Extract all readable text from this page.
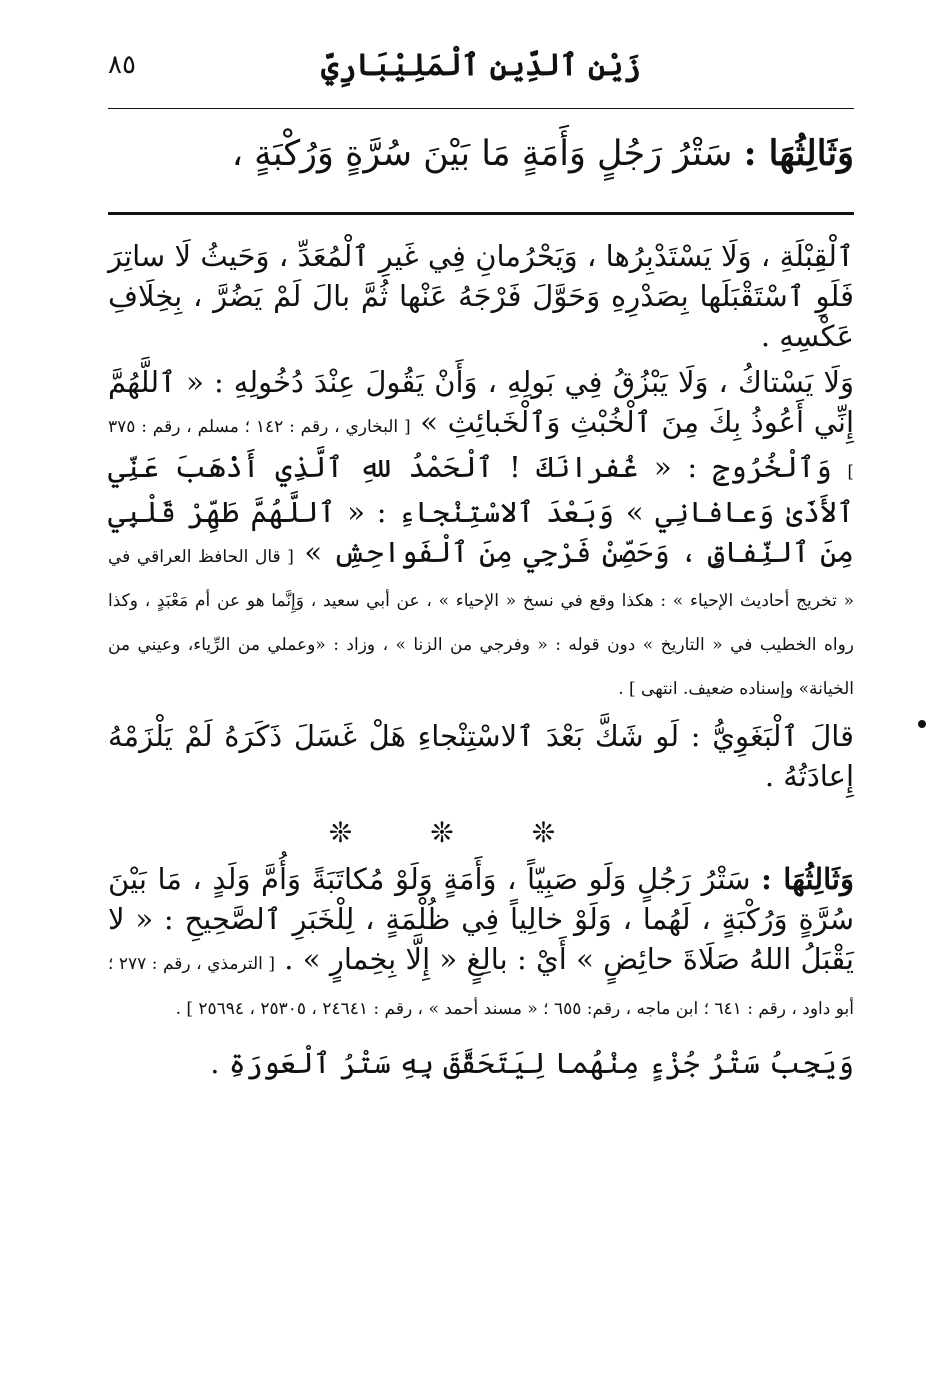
٨٥	زَيْن ٱلدِّينِ ٱلْمَلِيْبَارِيّ
وَثَالِثُهَا : سَتْرُ رَجُلٍ وَأَمَةٍ مَا بَيْنَ سُرَّةٍ وَرُكْبَةٍ ،

ٱلْقِبْلَةِ ، وَلَا يَسْتَدْبِرُها ، وَيَحْرُمانِ فِي غَيرِ ٱلْمُعَدِّ ، وَحَيثُ لَا ساتِرَ فَلَوِ ٱسْتَقْبَلَها بِصَدْرِهِ وَحَوَّلَ فَرْجَهُ عَنْها ثُمَّ بالَ لَمْ يَضُرَّ ، بِخِلَافِ عَكْسِهِ .

وَلَا يَسْتاكُ ، وَلَا يَبْزُقُ فِي بَولِهِ ، وَأَنْ يَقُولَ عِنْدَ دُخُولِهِ : « ٱللَّهُمَّ إِنِّي أَعُوذُ بِكَ مِنَ ٱلْخُبْثِ وَٱلْخَبائِثِ » [ البخاري ، رقم : ١٤٢ ؛ مسلم ، رقم : ٣٧٥ ] وَٱلْخُرُوجِ : « غُفرانَكَ ! ٱلْحَمْدُ للهِ ٱلَّذِي أَذْهَبَ عَنِّي ٱلأَذَىٰ وَعافانِي » وَبَعْدَ ٱلاسْتِنْجاءِ : « ٱللَّهُمَّ طَهِّرْ قَلْبِي مِنَ ٱلنِّفاقِ ، وَحَصِّنْ فَرْجِي مِنَ ٱلْفَواحِشِ » [ قال الحافظ العراقي في « تخريج أحاديث الإحياء » : هكذا وقع في نسخ « الإحياء » ، عن أبي سعيد ، وَإِنَّما هو عن أم مَعْبَدٍ ، وكذا رواه الخطيب في « التاريخ » دون قوله : « وفرجي من الزنا » ، وزاد : «وعملي من الرِّياء، وعيني من الخيانة» وإسناده ضعيف. انتهى ] .

قالَ ٱلْبَغَوِيُّ : لَو شَكَّ بَعْدَ ٱلاسْتِنْجاءِ هَلْ غَسَلَ ذَكَرَهُ لَمْ يَلْزَمْهُ إِعادَتُهُ .

❊❊❊

وَثَالِثُهَا : سَتْرُ رَجُلٍ وَلَو صَبِيّاً ، وَأَمَةٍ وَلَوْ مُكاتَبَةً وَأُمَّ وَلَدٍ ، مَا بَيْنَ سُرَّةٍ وَرُكْبَةٍ ، لَهُما ، وَلَوْ خالِياً فِي ظُلْمَةٍ ، لِلْخَبَرِ ٱلصَّحِيحِ : « لا يَقْبَلُ اللهُ صَلَاةَ حائِضٍ » أَيْ : بالِغٍ « إِلَّا بِخِمارٍ » . [ الترمذي ، رقم : ٢٧٧ ؛ أبو داود ، رقم : ٦٤١ ؛ ابن ماجه ، رقم: ٦٥٥ ؛ « مسند أحمد » ، رقم : ٢٤٦٤١ ، ٢٥٣٠٥ ، ٢٥٦٩٤ ] .

وَيَجِبُ سَتْرُ جُزْءٍ مِنْهُما لِيَتَحَقَّقَ بِهِ سَتْرُ ٱلْعَورَةِ .
